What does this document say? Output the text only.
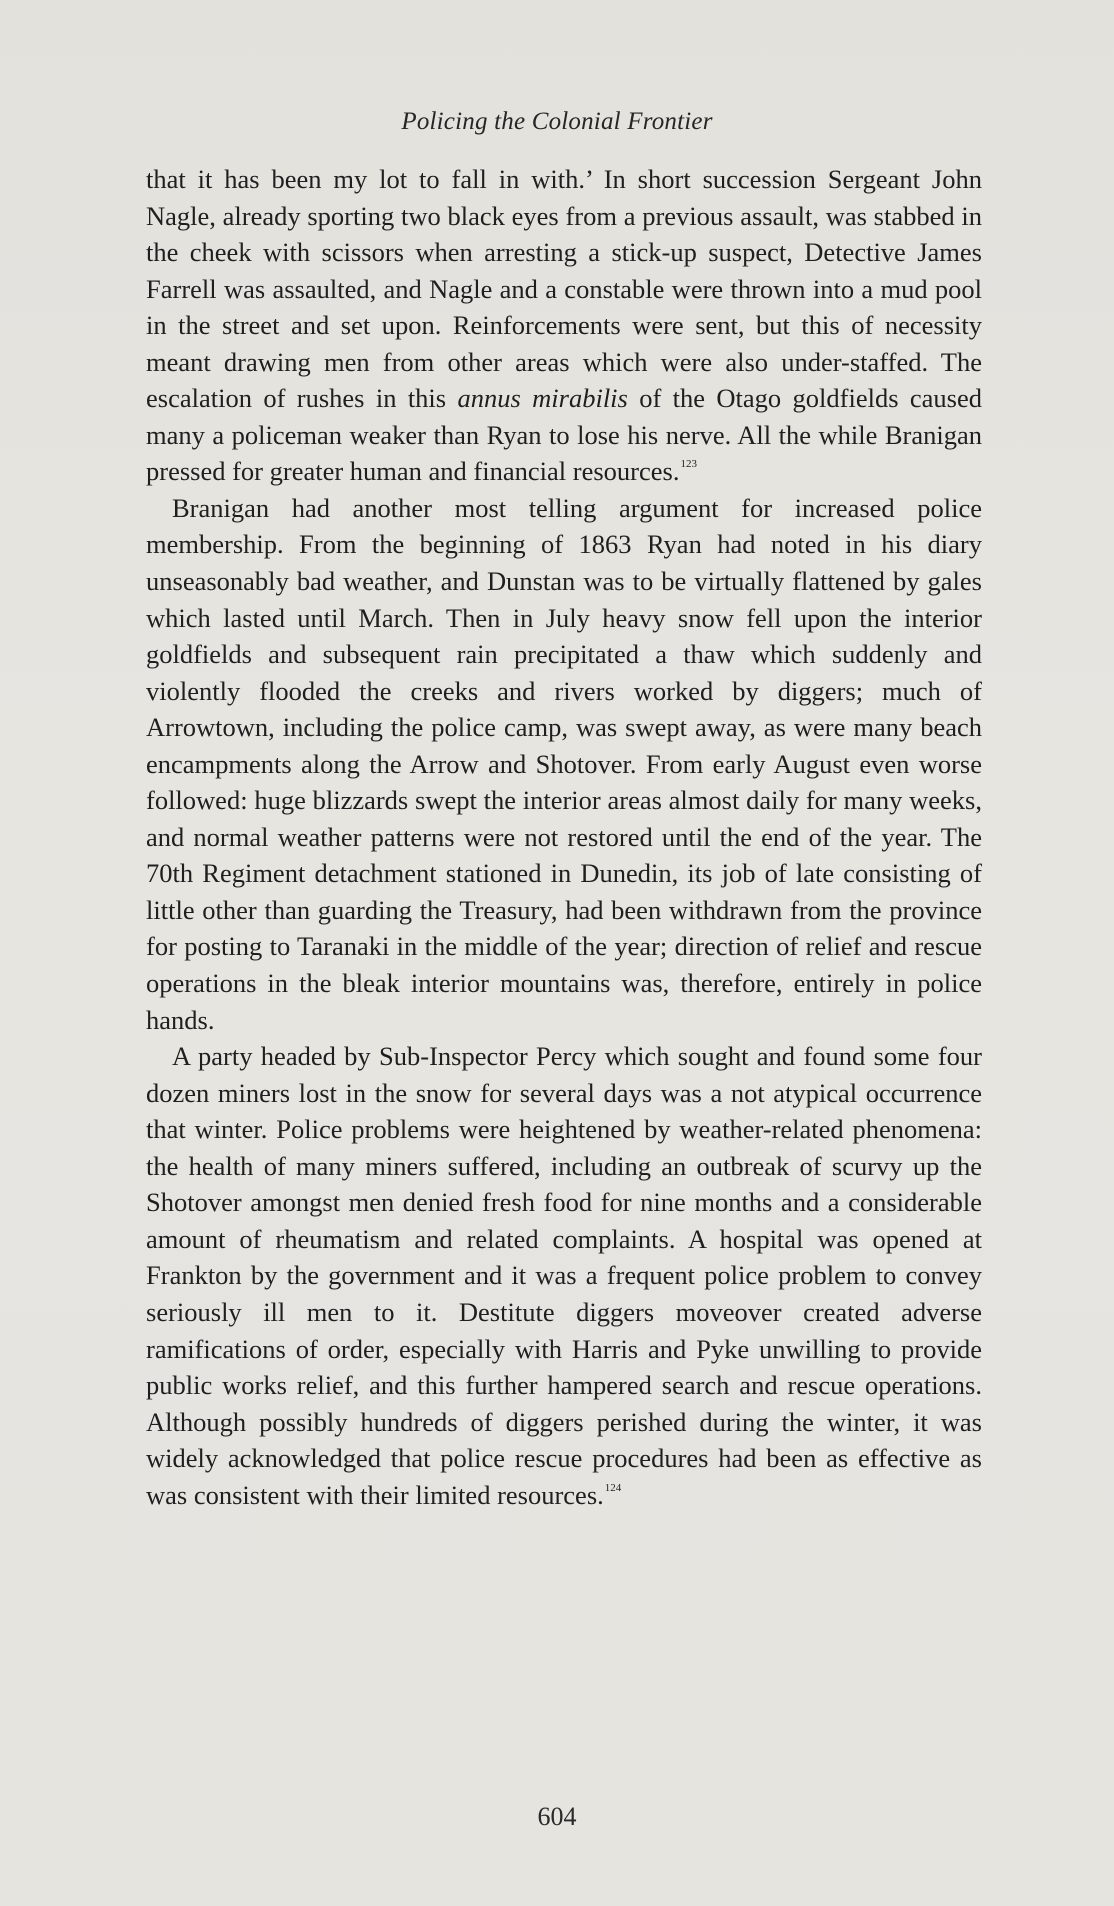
Policing the Colonial Frontier

that it has been my lot to fall in with.’ In short succession Sergeant John Nagle, already sporting two black eyes from a previous assault, was stabbed in the cheek with scissors when arresting a stick-up suspect, Detective James Farrell was assaulted, and Nagle and a constable were thrown into a mud pool in the street and set upon. Reinforcements were sent, but this of necessity meant drawing men from other areas which were also under-staffed. The escalation of rushes in this annus mirabilis of the Otago goldfields caused many a policeman weaker than Ryan to lose his nerve. All the while Branigan pressed for greater human and financial resources.$^{123}$

Branigan had another most telling argument for increased police membership. From the beginning of 1863 Ryan had noted in his diary unseasonably bad weather, and Dunstan was to be virtually flattened by gales which lasted until March. Then in July heavy snow fell upon the interior goldfields and subsequent rain precipitated a thaw which suddenly and violently flooded the creeks and rivers worked by diggers; much of Arrowtown, including the police camp, was swept away, as were many beach encampments along the Arrow and Shotover. From early August even worse followed: huge blizzards swept the interior areas almost daily for many weeks, and normal weather patterns were not restored until the end of the year. The 70th Regiment detachment stationed in Dunedin, its job of late consisting of little other than guarding the Treasury, had been withdrawn from the province for posting to Taranaki in the middle of the year; direction of relief and rescue operations in the bleak interior mountains was, therefore, entirely in police hands.

A party headed by Sub-Inspector Percy which sought and found some four dozen miners lost in the snow for several days was a not atypical occurrence that winter. Police problems were heightened by weather-related phenomena: the health of many miners suffered, including an outbreak of scurvy up the Shotover amongst men denied fresh food for nine months and a considerable amount of rheumatism and related complaints. A hospital was opened at Frankton by the government and it was a frequent police problem to convey seriously ill men to it. Destitute diggers moveover created adverse ramifications of order, especially with Harris and Pyke unwilling to provide public works relief, and this further hampered search and rescue operations. Although possibly hundreds of diggers perished during the winter, it was widely acknowledged that police rescue procedures had been as effective as was consistent with their limited resources.$^{124}$

604
